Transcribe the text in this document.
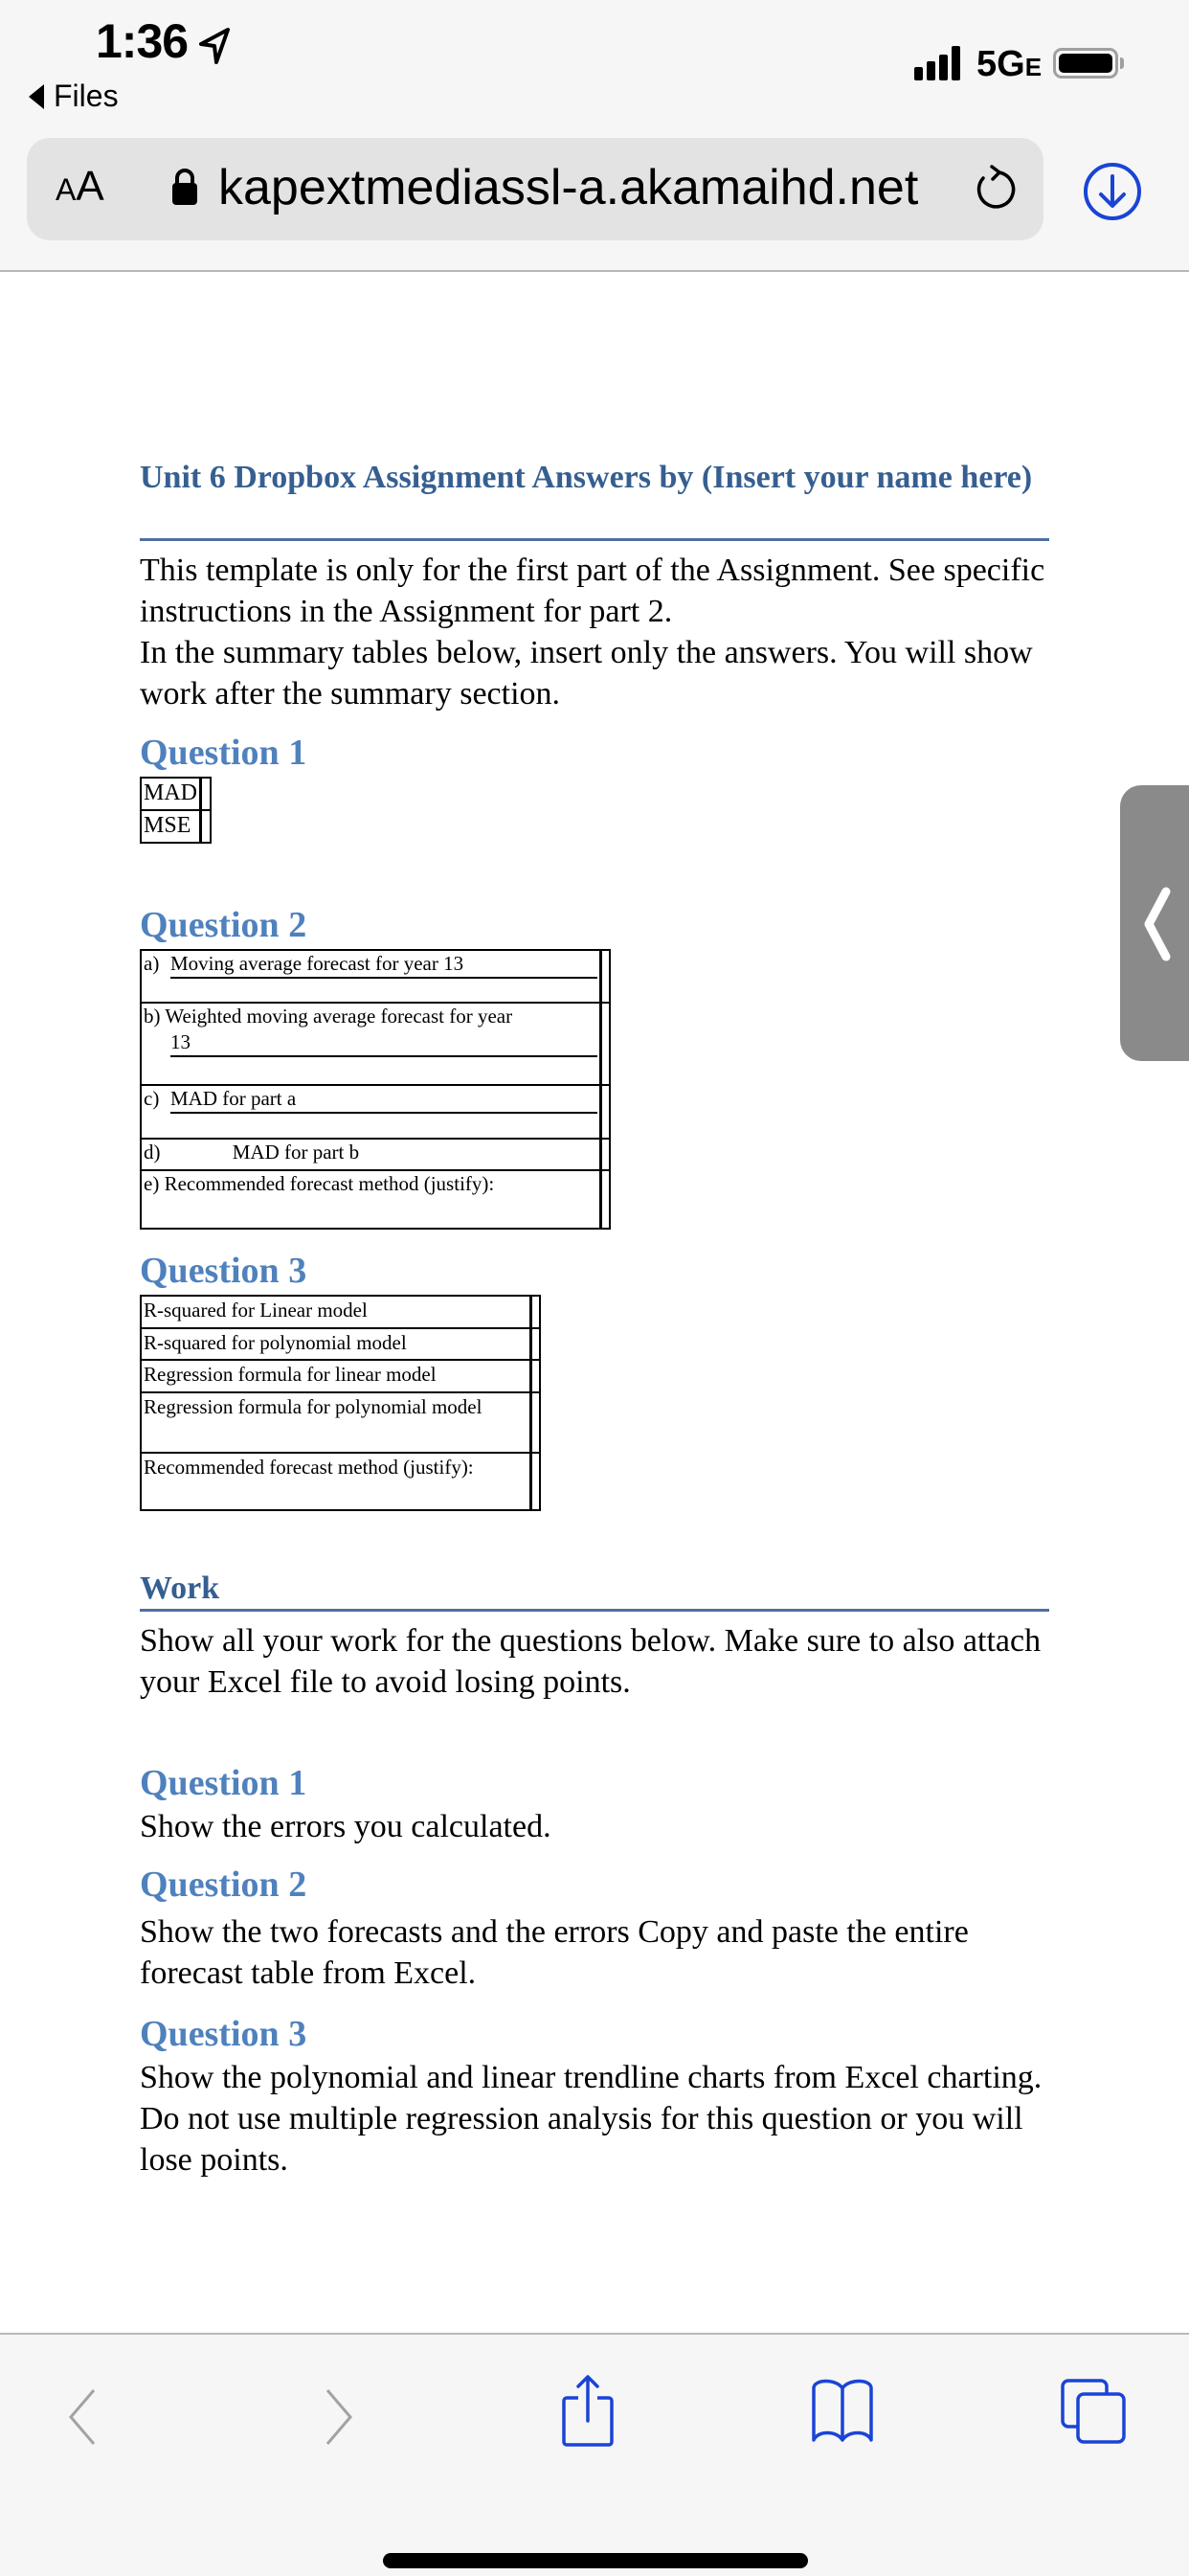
1:36
Files
5GE
AA kapextmediassl-a.akamaihd.net
Unit 6 Dropbox Assignment Answers by (Insert your name here)
This template is only for the first part of the Assignment. See specific instructions in the Assignment for part 2.
In the summary tables below, insert only the answers. You will show work after the summary section.
Question 1
MAD	
MSE	
Question 2
a) Moving average forecast for year 13	

b) Weighted moving average forecast for year
13	

c) MAD for part a	

d) MAD for part b	
e) Recommended forecast method (justify):	
Question 3
R-squared for Linear model	
R-squared for polynomial model	
Regression formula for linear model	
Regression formula for polynomial model	
Recommended forecast method (justify):	
Work
Show all your work for the questions below. Make sure to also attach your Excel file to avoid losing points.
Question 1
Show the errors you calculated.
Question 2
Show the two forecasts and the errors Copy and paste the entire forecast table from Excel.
Question 3
Show the polynomial and linear trendline charts from Excel charting. Do not use multiple regression analysis for this question or you will lose points.
